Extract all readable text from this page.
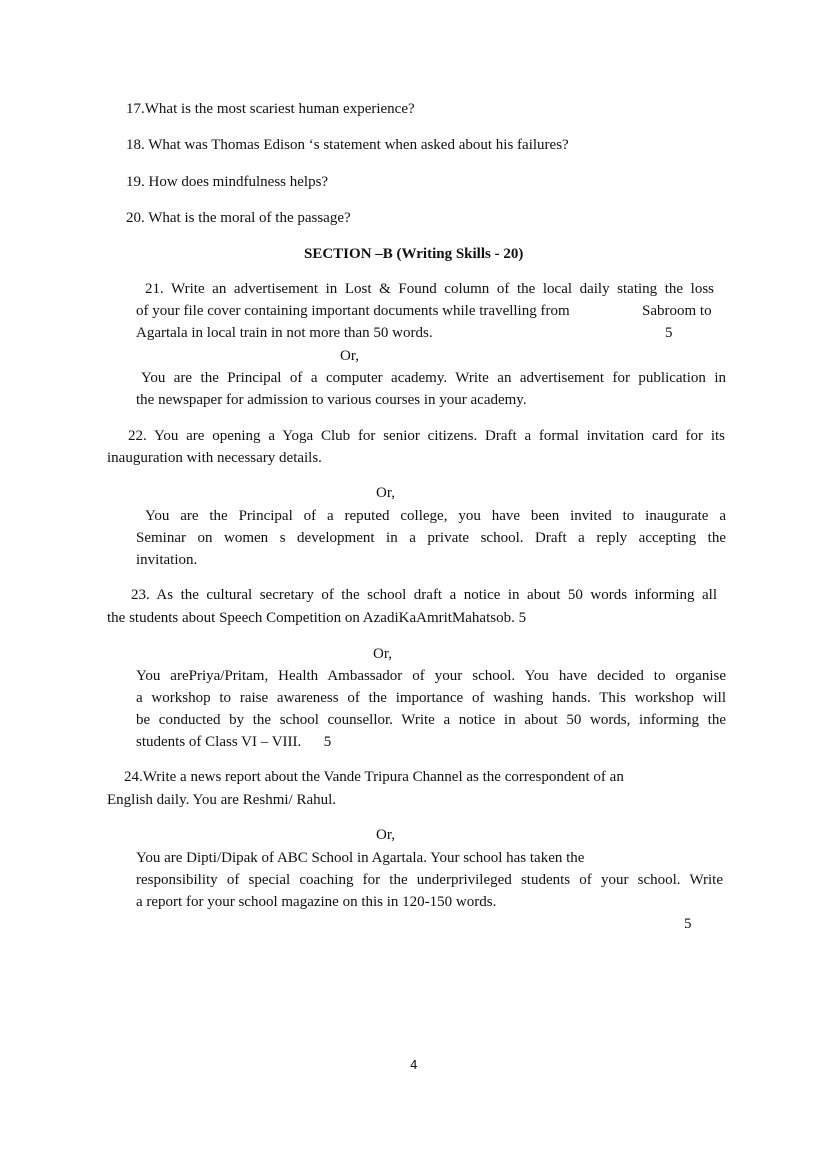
17.What is the most scariest human experience?
18. What was Thomas Edison ‘s statement when asked about his failures?
19. How does mindfulness helps?
20. What is the moral of the passage?
SECTION –B (Writing Skills - 20)
21. Write an advertisement in Lost & Found column of the local daily stating the loss
of your file cover containing important documents while travelling from	Sabroom to
Agartala in local train in not more than 50 words.	5
Or,
You are the Principal of a computer academy. Write an advertisement for publication in
the newspaper for admission to various courses in your academy.
22. You are opening a Yoga Club for senior citizens. Draft a formal invitation card for its
inauguration with necessary details.
Or,
You are the Principal of a reputed college, you have been invited to inaugurate a
Seminar on women s development in a private school. Draft a reply accepting the
invitation.
23. As the cultural secretary of the school draft a notice in about 50 words informing all
the students about Speech Competition on AzadiKaAmritMahatsob. 5
Or,
You arePriya/Pritam, Health Ambassador of your school. You have decided to organise
a workshop to raise awareness of the importance of washing hands. This workshop will
be conducted by the school counsellor. Write a notice in about 50 words, informing the
students of Class VI – VIII.      5
24.Write a news report about the Vande Tripura Channel as the correspondent of an
English daily. You are Reshmi/ Rahul.
Or,
You are Dipti/Dipak of ABC School in Agartala. Your school has taken the
responsibility of special coaching for the underprivileged students of your school. Write
a report for your school magazine on this in 120-150 words.
5
4
